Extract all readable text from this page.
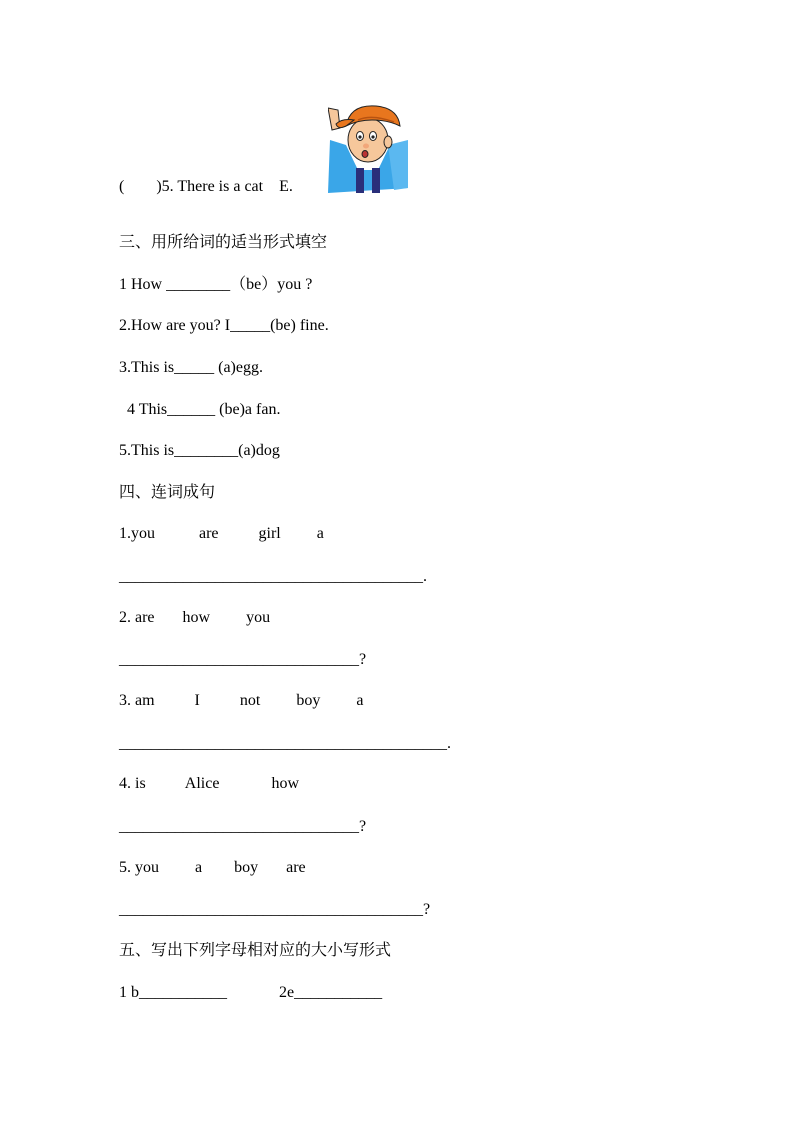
(        )5. There is a cat    E.
三、用所给词的适当形式填空
1 How ________（be）you ?
2.How are you? I_____(be) fine.
3.This is_____ (a)egg.
4 This______ (be)a fan.
5.This is________(a)dog
四、连词成句
1.you           are          girl         a
______________________________________.
2. are       how         you
______________________________?
3. am          I          not         boy         a
_________________________________________.
4. is          Alice             how
______________________________?
5. you         a        boy       are
______________________________________?
五、写出下列字母相对应的大小写形式
1 b___________             2e___________
